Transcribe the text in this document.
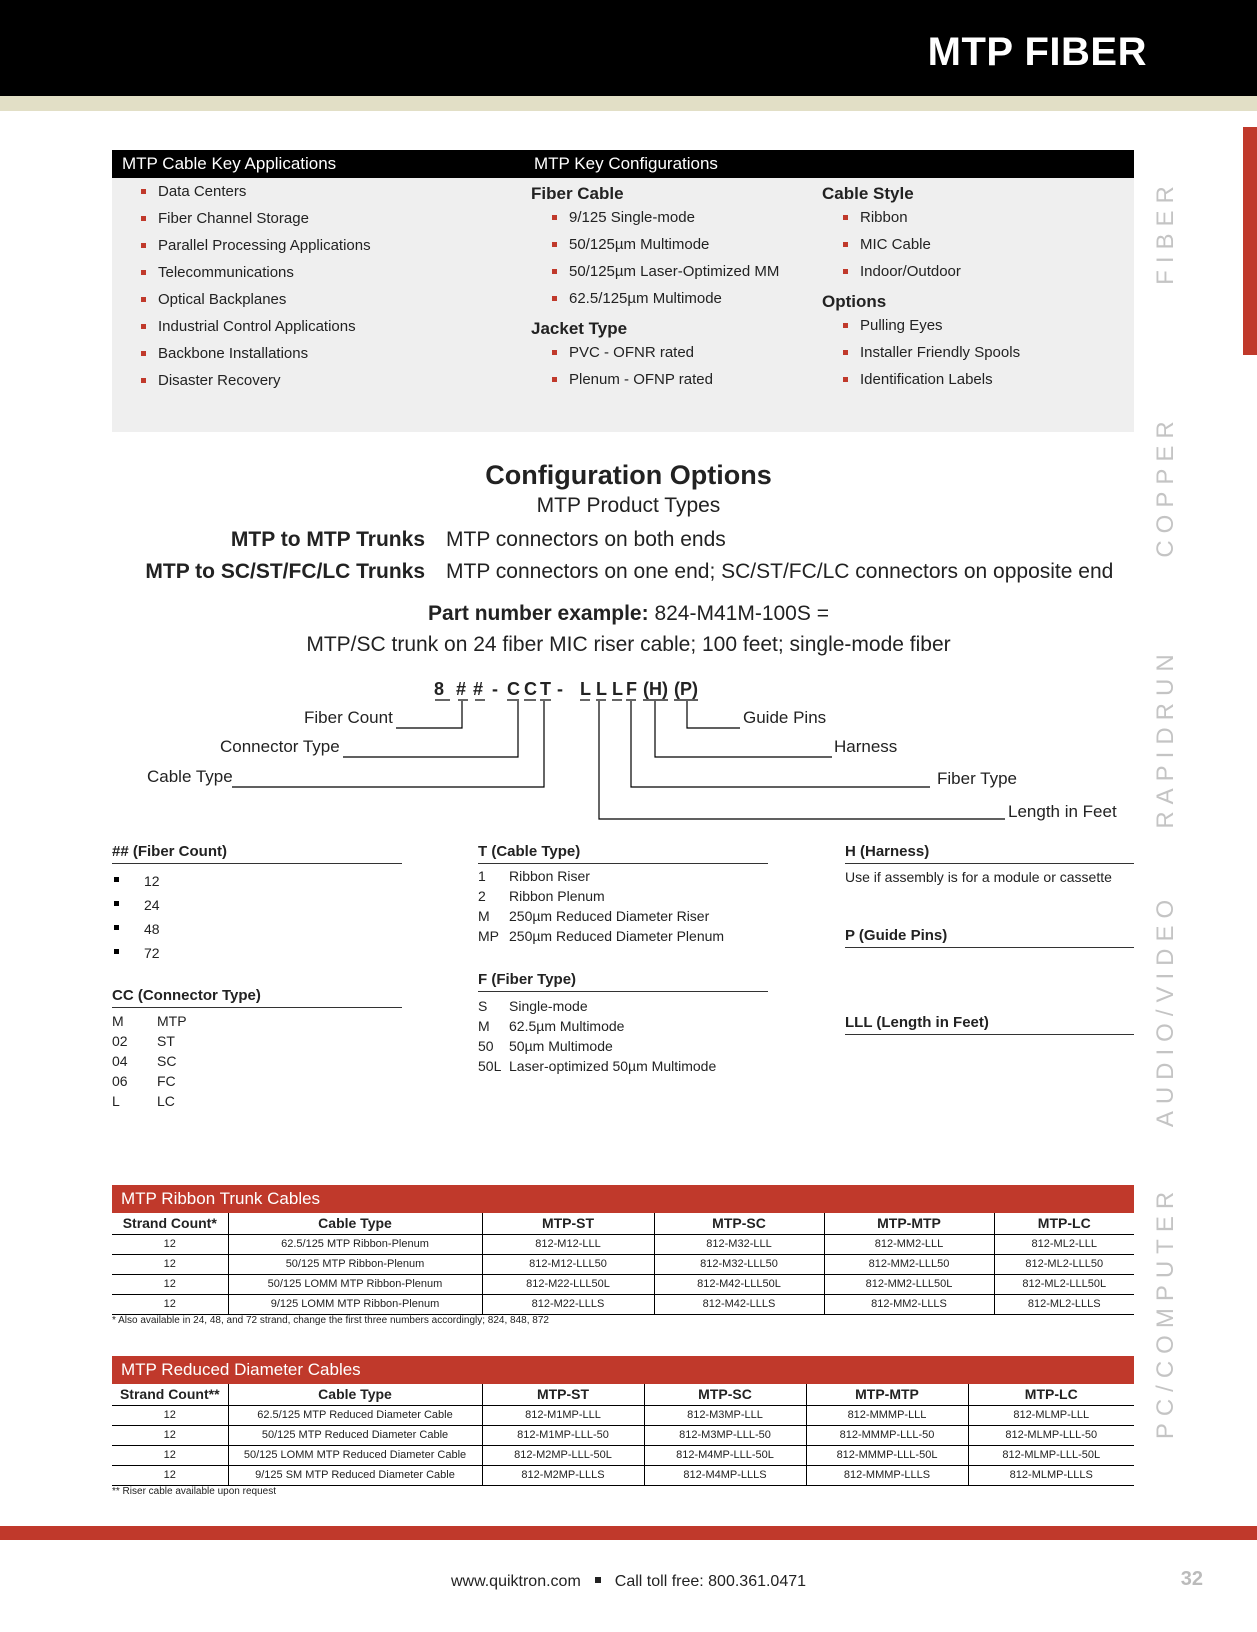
MTP FIBER
FIBER
COPPER
RAPIDRUN
AUDIO/VIDEO
PC/COMPUTER
MTP Cable Key Applications	MTP Key Configurations
Data Centers
Fiber Channel Storage
Parallel Processing Applications
Telecommunications
Optical Backplanes
Industrial Control Applications
Backbone Installations
Disaster Recovery
Fiber Cable
9/125 Single-mode
50/125µm Multimode
50/125µm Laser-Optimized MM
62.5/125µm Multimode
Jacket Type
PVC - OFNR rated
Plenum - OFNP rated
Cable Style
Ribbon
MIC Cable
Indoor/Outdoor
Options
Pulling Eyes
Installer Friendly Spools
Identification Labels
Configuration Options
MTP Product Types
MTP to MTP Trunks MTP connectors on both ends
MTP to SC/ST/FC/LC Trunks MTP connectors on one end; SC/ST/FC/LC connectors on opposite end
Part number example: 824-M41M-100S =
MTP/SC trunk on 24 fiber MIC riser cable; 100 feet; single-mode fiber
8 # # - C C T - L L L F (H) (P)
Fiber Count
Connector Type
Cable Type
Guide Pins
Harness
Fiber Type
Length in Feet
## (Fiber Count)
12
24
48
72
CC (Connector Type)
M	MTP
02	ST
04	SC
06	FC
L	LC
T (Cable Type)
1	Ribbon Riser
2	Ribbon Plenum
M	250µm Reduced Diameter Riser
MP 250µm Reduced Diameter Plenum
F (Fiber Type)
S	Single-mode
M	62.5µm Multimode
50	50µm Multimode
50L Laser-optimized 50µm Multimode
H (Harness)
Use if assembly is for a module or cassette
P (Guide Pins)
LLL (Length in Feet)
MTP Ribbon Trunk Cables
Strand Count*	Cable Type	MTP-ST	MTP-SC	MTP-MTP	MTP-LC
12	62.5/125 MTP Ribbon-Plenum	812-M12-LLL	812-M32-LLL	812-MM2-LLL	812-ML2-LLL
12	50/125 MTP Ribbon-Plenum	812-M12-LLL50	812-M32-LLL50	812-MM2-LLL50	812-ML2-LLL50
12	50/125 LOMM MTP Ribbon-Plenum	812-M22-LLL50L	812-M42-LLL50L	812-MM2-LLL50L	812-ML2-LLL50L
12	9/125 LOMM MTP Ribbon-Plenum	812-M22-LLLS	812-M42-LLLS	812-MM2-LLLS	812-ML2-LLLS
* Also available in 24, 48, and 72 strand, change the first three numbers accordingly; 824, 848, 872
MTP Reduced Diameter Cables
Strand Count**	Cable Type	MTP-ST	MTP-SC	MTP-MTP	MTP-LC
12	62.5/125 MTP Reduced Diameter Cable	812-M1MP-LLL	812-M3MP-LLL	812-MMMP-LLL	812-MLMP-LLL
12	50/125 MTP Reduced Diameter Cable	812-M1MP-LLL-50	812-M3MP-LLL-50	812-MMMP-LLL-50	812-MLMP-LLL-50
12	50/125 LOMM MTP Reduced Diameter Cable	812-M2MP-LLL-50L	812-M4MP-LLL-50L	812-MMMP-LLL-50L	812-MLMP-LLL-50L
12	9/125 SM MTP Reduced Diameter Cable	812-M2MP-LLLS	812-M4MP-LLLS	812-MMMP-LLLS	812-MLMP-LLLS
** Riser cable available upon request
www.quiktron.com Call toll free: 800.361.0471	32
